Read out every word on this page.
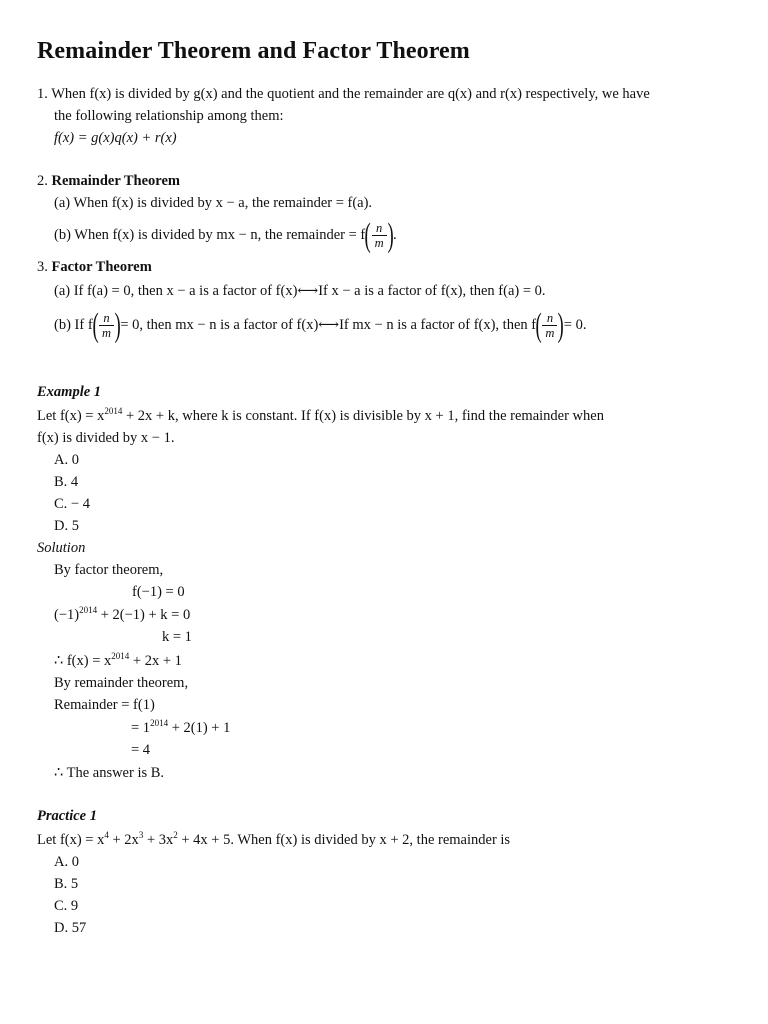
Remainder Theorem and Factor Theorem
1. When f(x) is divided by g(x) and the quotient and the remainder are q(x) and r(x) respectively, we have
the following relationship among them:
f(x) = g(x)q(x) + r(x)
2. Remainder Theorem
(a) When f(x) is divided by x − a, the remainder = f(a).
(b) When f(x) is divided by mx − n, the remainder = $f( \frac{n}{m}$ ).
3. Factor Theorem
(a) If f(a) = 0, then x − a is a factor of f(x)⟷If x − a is a factor of f(x), then f(a) = 0.
(b) If $f( \frac{n}{m}$ )= 0, then mx − n is a factor of f(x)⟷If mx − n is a factor of f(x), then $f( \frac{n}{m}$ )= 0.
Example 1
Let $f(x) = x^{2014} + 2x + k$, where k is constant. If f(x) is divisible by x + 1, find the remainder when
f(x) is divided by x − 1.
A. 0
B. 4
C. − 4
D. 5
Solution
By factor theorem,
f(−1) = 0
$(-1)^{2014} + 2(-1) + k = 0$
k = 1
∴ $f(x) = x^{2014} + 2x + 1$
By remainder theorem,
Remainder = f(1)
= $1^{2014} + 2(1) + 1$
= 4
∴ The answer is B.
Practice 1
Let $f(x) = x^4 + 2x^3 + 3x^2 + 4x + 5$. When f(x) is divided by x + 2, the remainder is
A. 0
B. 5
C. 9
D. 57
